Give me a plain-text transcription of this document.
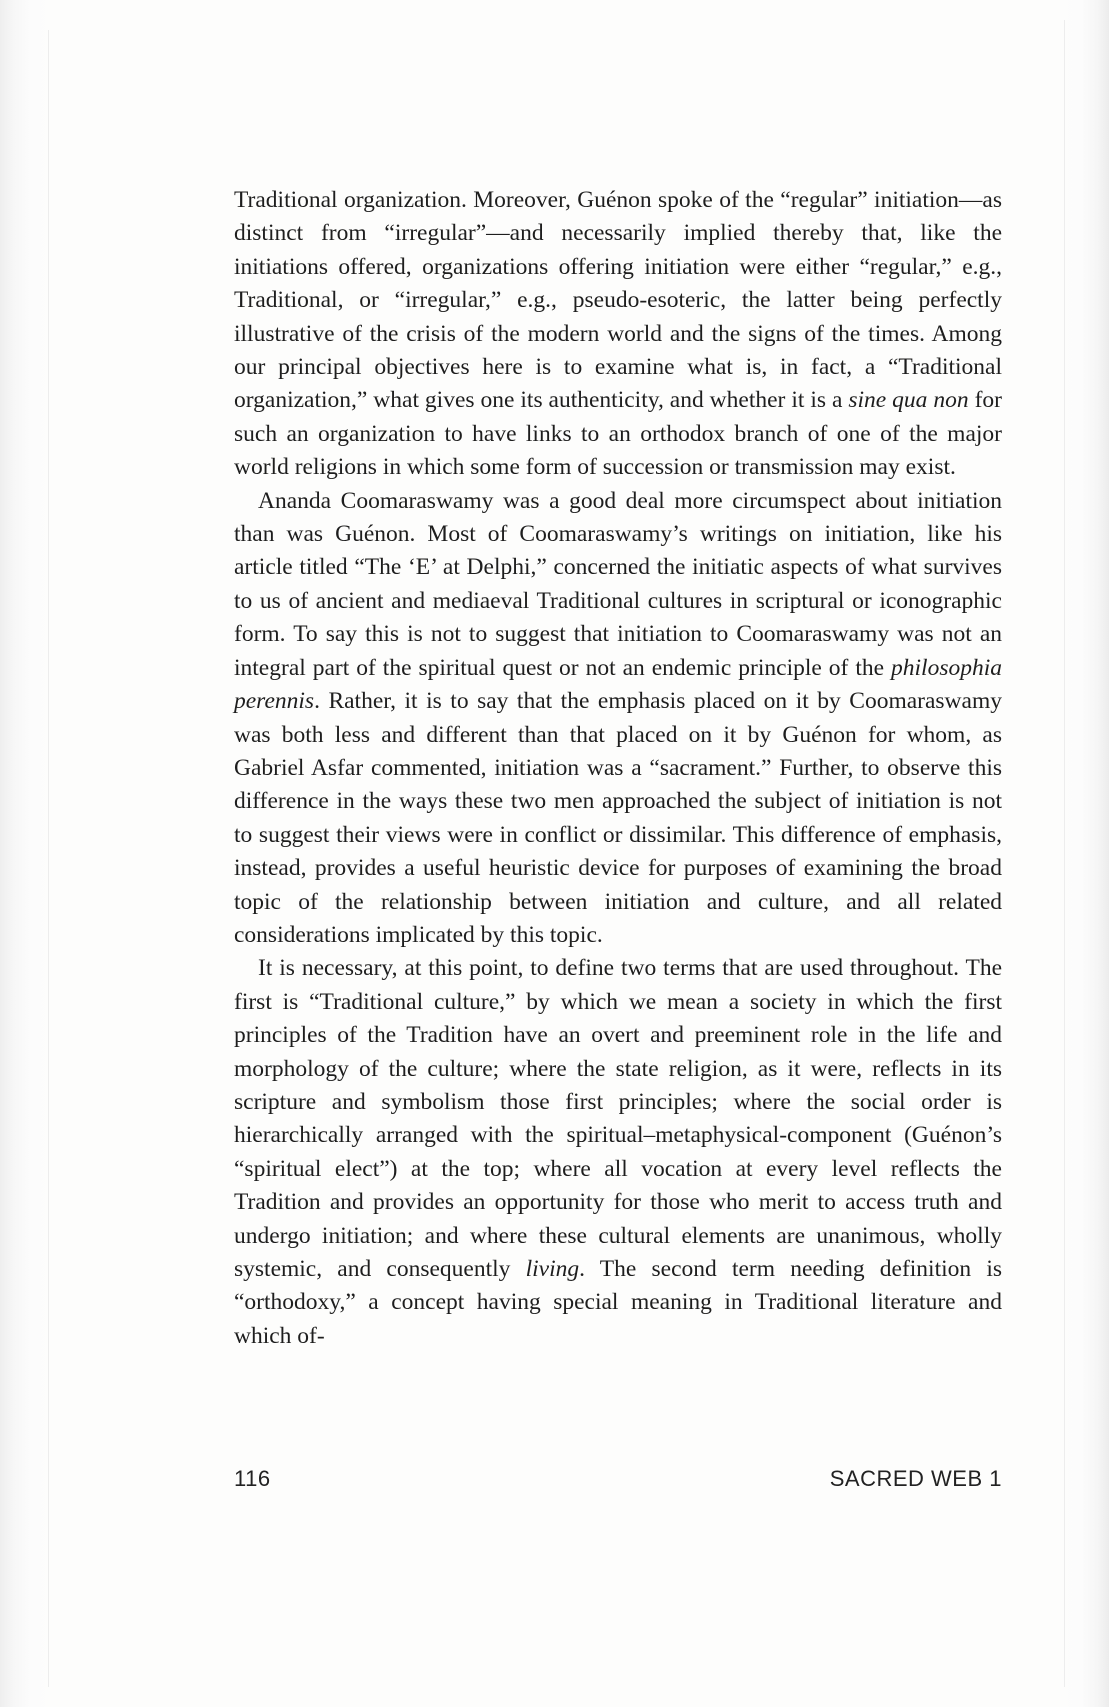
Traditional organization. Moreover, Guénon spoke of the “regular” initiation—as distinct from “irregular”—and necessarily implied thereby that, like the initiations offered, organizations offering initiation were either “regular,” e.g., Traditional, or “irregular,” e.g., pseudo-esoteric, the latter being perfectly illustrative of the crisis of the modern world and the signs of the times. Among our principal objectives here is to examine what is, in fact, a “Traditional organization,” what gives one its authenticity, and whether it is a sine qua non for such an organization to have links to an orthodox branch of one of the major world religions in which some form of succession or transmission may exist.

Ananda Coomaraswamy was a good deal more circumspect about initiation than was Guénon. Most of Coomaraswamy’s writings on initiation, like his article titled “The ‘E’ at Delphi,” concerned the initiatic aspects of what survives to us of ancient and mediaeval Traditional cultures in scriptural or iconographic form. To say this is not to suggest that initiation to Coomaraswamy was not an integral part of the spiritual quest or not an endemic principle of the philosophia perennis. Rather, it is to say that the emphasis placed on it by Coomaraswamy was both less and different than that placed on it by Guénon for whom, as Gabriel Asfar commented, initiation was a “sacrament.” Further, to observe this difference in the ways these two men approached the subject of initiation is not to suggest their views were in conflict or dissimilar. This difference of emphasis, instead, provides a useful heuristic device for purposes of examining the broad topic of the relationship between initiation and culture, and all related considerations implicated by this topic.

It is necessary, at this point, to define two terms that are used throughout. The first is “Traditional culture,” by which we mean a society in which the first principles of the Tradition have an overt and preeminent role in the life and morphology of the culture; where the state religion, as it were, reflects in its scripture and symbolism those first principles; where the social order is hierarchically arranged with the spiritual–metaphysical-component (Guénon’s “spiritual elect”) at the top; where all vocation at every level reflects the Tradition and provides an opportunity for those who merit to access truth and undergo initiation; and where these cultural elements are unanimous, wholly systemic, and consequently living. The second term needing definition is “orthodoxy,” a concept having special meaning in Traditional literature and which of-

116	SACRED WEB 1
